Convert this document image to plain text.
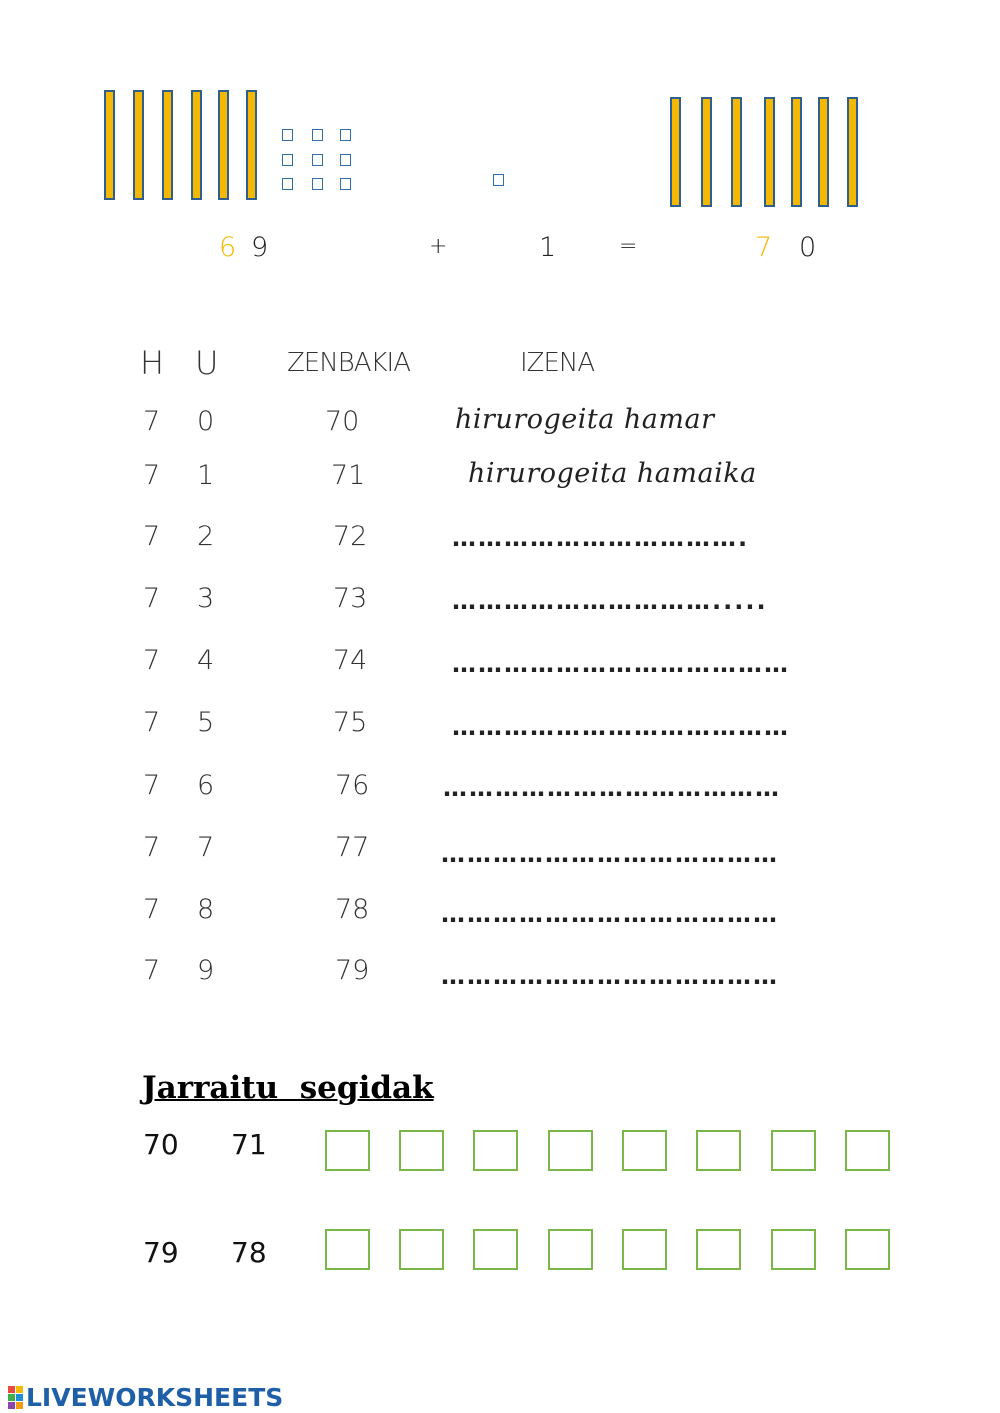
6 9	+	1	=	7 0
H U	ZENBAKIA	IZENA
7 0	70	hirurogeita hamar
7 1	71	hirurogeita hamaika
7 2	72	…………………………….
7 3	73	………………………….....
7 4	74	…………………………………
7 5	75	…………………………………
7 6	76	…………………………………
7 7	77	…………………………………
7 8	78	…………………………………
7 9	79	…………………………………
Jarraitu  segidak
70 71
79 78
LIVEWORKSHEETS
